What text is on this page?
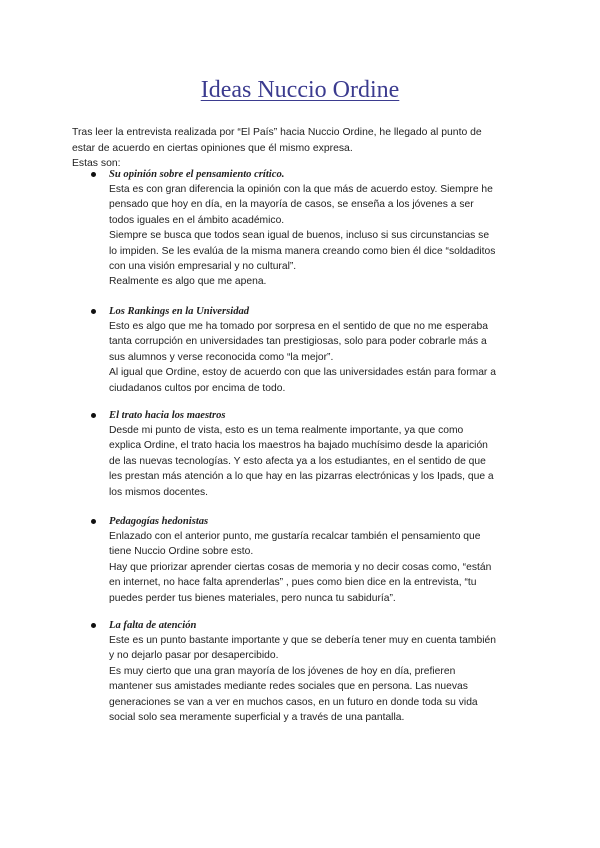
Ideas Nuccio Ordine

Tras leer la entrevista realizada por “El País” hacia Nuccio Ordine, he llegado al punto de

estar de acuerdo en ciertas opiniones que él mismo expresa.

Estas son:

Su opinión sobre el pensamiento crítico.

Esta es con gran diferencia la opinión con la que más de acuerdo estoy. Siempre he

pensado que hoy en día, en la mayoría de casos, se enseña a los jóvenes a ser

todos iguales en el ámbito académico.

Siempre se busca que todos sean igual de buenos, incluso si sus circunstancias se

lo impiden. Se les evalúa de la misma manera creando como bien él dice “soldaditos

con una visión empresarial y no cultural”.

Realmente es algo que me apena.

Los Rankings en la Universidad

Esto es algo que me ha tomado por sorpresa en el sentido de que no me esperaba

tanta corrupción en universidades tan prestigiosas, solo para poder cobrarle más a

sus alumnos y verse reconocida como “la mejor”.

Al igual que Ordine, estoy de acuerdo con que las universidades están para formar a

ciudadanos cultos por encima de todo.

El trato hacia los maestros

Desde mi punto de vista, esto es un tema realmente importante, ya que como

explica Ordine, el trato hacia los maestros ha bajado muchísimo desde la aparición

de las nuevas tecnologías. Y esto afecta ya a los estudiantes, en el sentido de que

les prestan más atención a lo que hay en las pizarras electrónicas y los Ipads, que a

los mismos docentes.

Pedagogías hedonistas

Enlazado con el anterior punto, me gustaría recalcar también el pensamiento que

tiene Nuccio Ordine sobre esto.

Hay que priorizar aprender ciertas cosas de memoria y no decir cosas como, “están

en internet, no hace falta aprenderlas” , pues como bien dice en la entrevista, “tu

puedes perder tus bienes materiales, pero nunca tu sabiduría”.

La falta de atención

Este es un punto bastante importante y que se debería tener muy en cuenta también

y no dejarlo pasar por desapercibido.

Es muy cierto que una gran mayoría de los jóvenes de hoy en día, prefieren

mantener sus amistades mediante redes sociales que en persona. Las nuevas

generaciones se van a ver en muchos casos, en un futuro en donde toda su vida

social solo sea meramente superficial y a través de una pantalla.
